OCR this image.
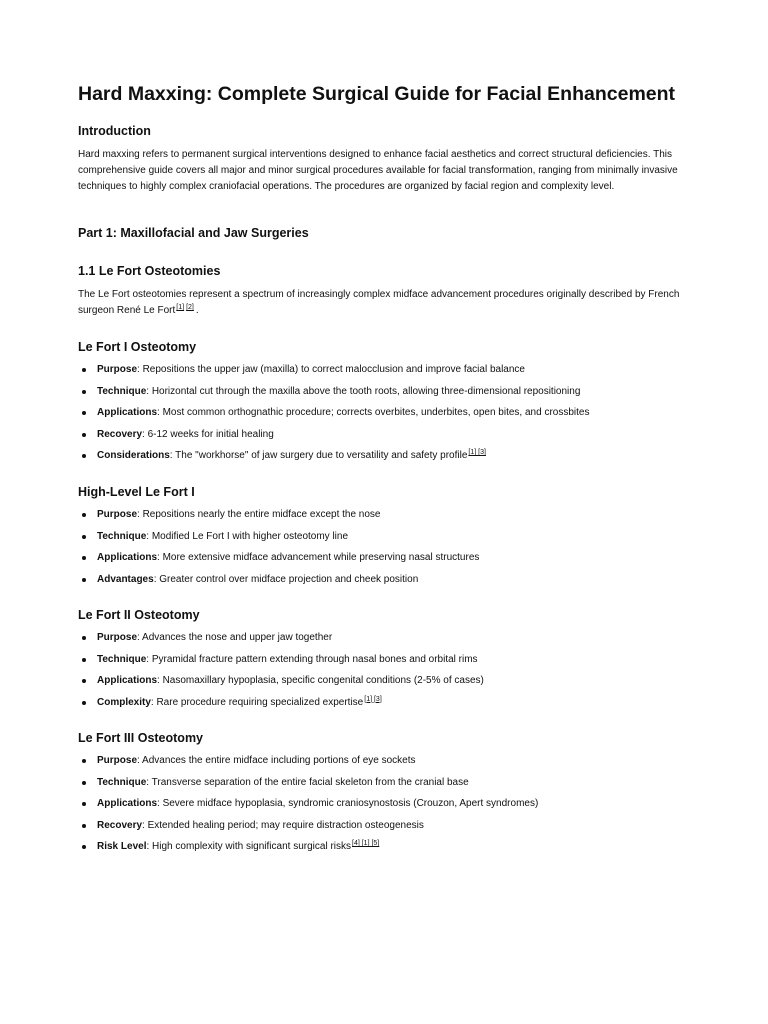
Hard Maxxing: Complete Surgical Guide for Facial Enhancement
Introduction

Hard maxxing refers to permanent surgical interventions designed to enhance facial aesthetics and correct structural deficiencies. This comprehensive guide covers all major and minor surgical procedures available for facial transformation, ranging from minimally invasive techniques to highly complex craniofacial operations. The procedures are organized by facial region and complexity level.

Part 1: Maxillofacial and Jaw Surgeries
1.1 Le Fort Osteotomies

The Le Fort osteotomies represent a spectrum of increasingly complex midface advancement procedures originally described by French surgeon René Le Fort[1] [2] .

Le Fort I Osteotomy
Purpose: Repositions the upper jaw (maxilla) to correct malocclusion and improve facial balance
Technique: Horizontal cut through the maxilla above the tooth roots, allowing three-dimensional repositioning
Applications: Most common orthognathic procedure; corrects overbites, underbites, open bites, and crossbites
Recovery: 6-12 weeks for initial healing
Considerations: The "workhorse" of jaw surgery due to versatility and safety profile[1] [3]
High-Level Le Fort I
Purpose: Repositions nearly the entire midface except the nose
Technique: Modified Le Fort I with higher osteotomy line
Applications: More extensive midface advancement while preserving nasal structures
Advantages: Greater control over midface projection and cheek position
Le Fort II Osteotomy
Purpose: Advances the nose and upper jaw together
Technique: Pyramidal fracture pattern extending through nasal bones and orbital rims
Applications: Nasomaxillary hypoplasia, specific congenital conditions (2-5% of cases)
Complexity: Rare procedure requiring specialized expertise[1] [3]
Le Fort III Osteotomy
Purpose: Advances the entire midface including portions of eye sockets
Technique: Transverse separation of the entire facial skeleton from the cranial base
Applications: Severe midface hypoplasia, syndromic craniosynostosis (Crouzon, Apert syndromes)
Recovery: Extended healing period; may require distraction osteogenesis
Risk Level: High complexity with significant surgical risks[4] [1] [5]
